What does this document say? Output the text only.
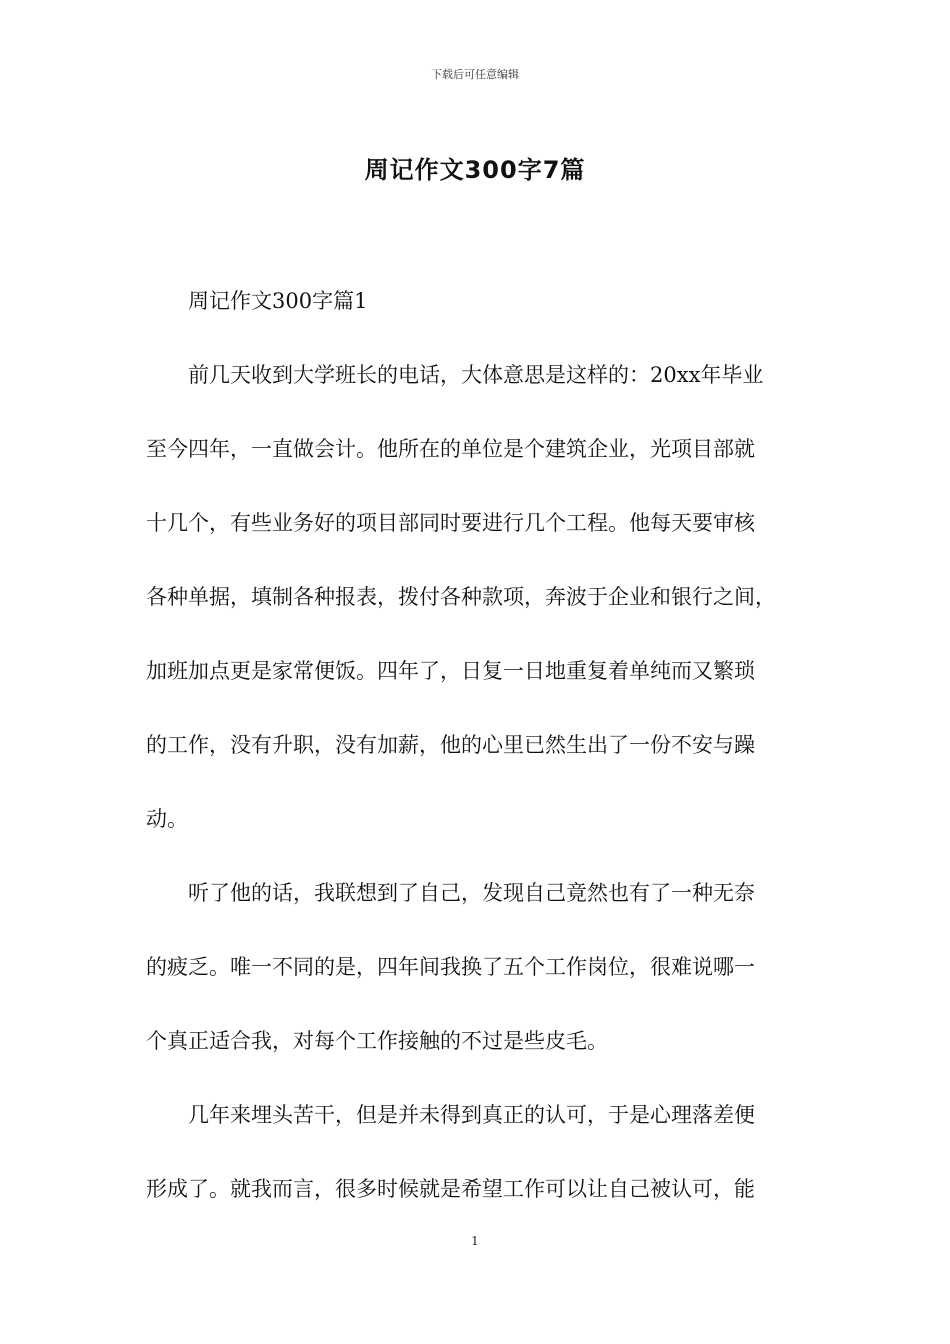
下载后可任意编辑
周记作文300字7篇
周记作文300字篇1
前几天收到大学班长的电话，大体意思是这样的：20xx年毕业
至今四年，一直做会计。他所在的单位是个建筑企业，光项目部就
十几个，有些业务好的项目部同时要进行几个工程。他每天要审核
各种单据，填制各种报表，拨付各种款项，奔波于企业和银行之间，
加班加点更是家常便饭。四年了，日复一日地重复着单纯而又繁琐
的工作，没有升职，没有加薪，他的心里已然生出了一份不安与躁
动。
听了他的话，我联想到了自己，发现自己竟然也有了一种无奈
的疲乏。唯一不同的是，四年间我换了五个工作岗位，很难说哪一
个真正适合我，对每个工作接触的不过是些皮毛。
几年来埋头苦干，但是并未得到真正的认可，于是心理落差便
形成了。就我而言，很多时候就是希望工作可以让自己被认可，能
1
